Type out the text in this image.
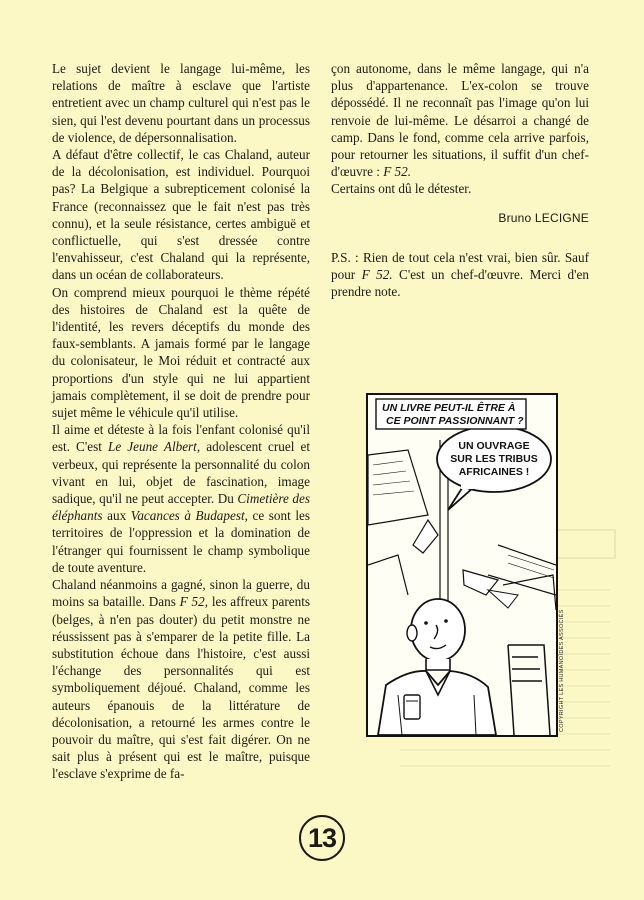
Le sujet devient le langage lui-même, les relations de maître à esclave que l'artiste entretient avec un champ culturel qui n'est pas le sien, qui l'est devenu pourtant dans un processus de violence, de dépersonnalisation.

A défaut d'être collectif, le cas Chaland, auteur de la décolonisation, est individuel. Pourquoi pas? La Belgique a subrepticement colonisé la France (reconnaissez que le fait n'est pas très connu), et la seule résistance, certes ambiguë et conflictuelle, qui s'est dressée contre l'envahisseur, c'est Chaland qui la représente, dans un océan de collaborateurs.

On comprend mieux pourquoi le thème répété des histoires de Chaland est la quête de l'identité, les revers déceptifs du monde des faux-semblants. A jamais formé par le langage du colonisateur, le Moi réduit et contracté aux proportions d'un style qui ne lui appartient jamais complètement, il se doit de prendre pour sujet même le véhicule qu'il utilise.

Il aime et déteste à la fois l'enfant colonisé qu'il est. C'est Le Jeune Albert, adolescent cruel et verbeux, qui représente la personnalité du colon vivant en lui, objet de fascination, image sadique, qu'il ne peut accepter. Du Cimetière des éléphants aux Vacances à Budapest, ce sont les territoires de l'oppression et la domination de l'étranger qui fournissent le champ symbolique de toute aventure.

Chaland néanmoins a gagné, sinon la guerre, du moins sa bataille. Dans F 52, les affreux parents (belges, à n'en pas douter) du petit monstre ne réussissent pas à s'emparer de la petite fille. La substitution échoue dans l'histoire, c'est aussi l'échange des personnalités qui est symboliquement déjoué. Chaland, comme les auteurs épanouis de la littérature de décolonisation, a retourné les armes contre le pouvoir du maître, qui s'est fait digérer. On ne sait plus à présent qui est le maître, puisque l'esclave s'exprime de fa-

çon autonome, dans le même langage, qui n'a plus d'appartenance. L'ex-colon se trouve dépossédé. Il ne reconnaît pas l'image qu'on lui renvoie de lui-même. Le désarroi a changé de camp. Dans le fond, comme cela arrive parfois, pour retourner les situations, il suffit d'un chef-d'œuvre : F 52.

Certains ont dû le détester.

Bruno LECIGNE

P.S. : Rien de tout cela n'est vrai, bien sûr. Sauf pour F 52. C'est un chef-d'œuvre. Merci d'en prendre note.

UN LIVRE PEUT-IL ÊTRE À
CE POINT PASSIONNANT ?
UN OUVRAGE
SUR LES TRIBUS
AFRICAINES !
COPYRIGHT LES HUMANOÏDES ASSOCIÉS
13
